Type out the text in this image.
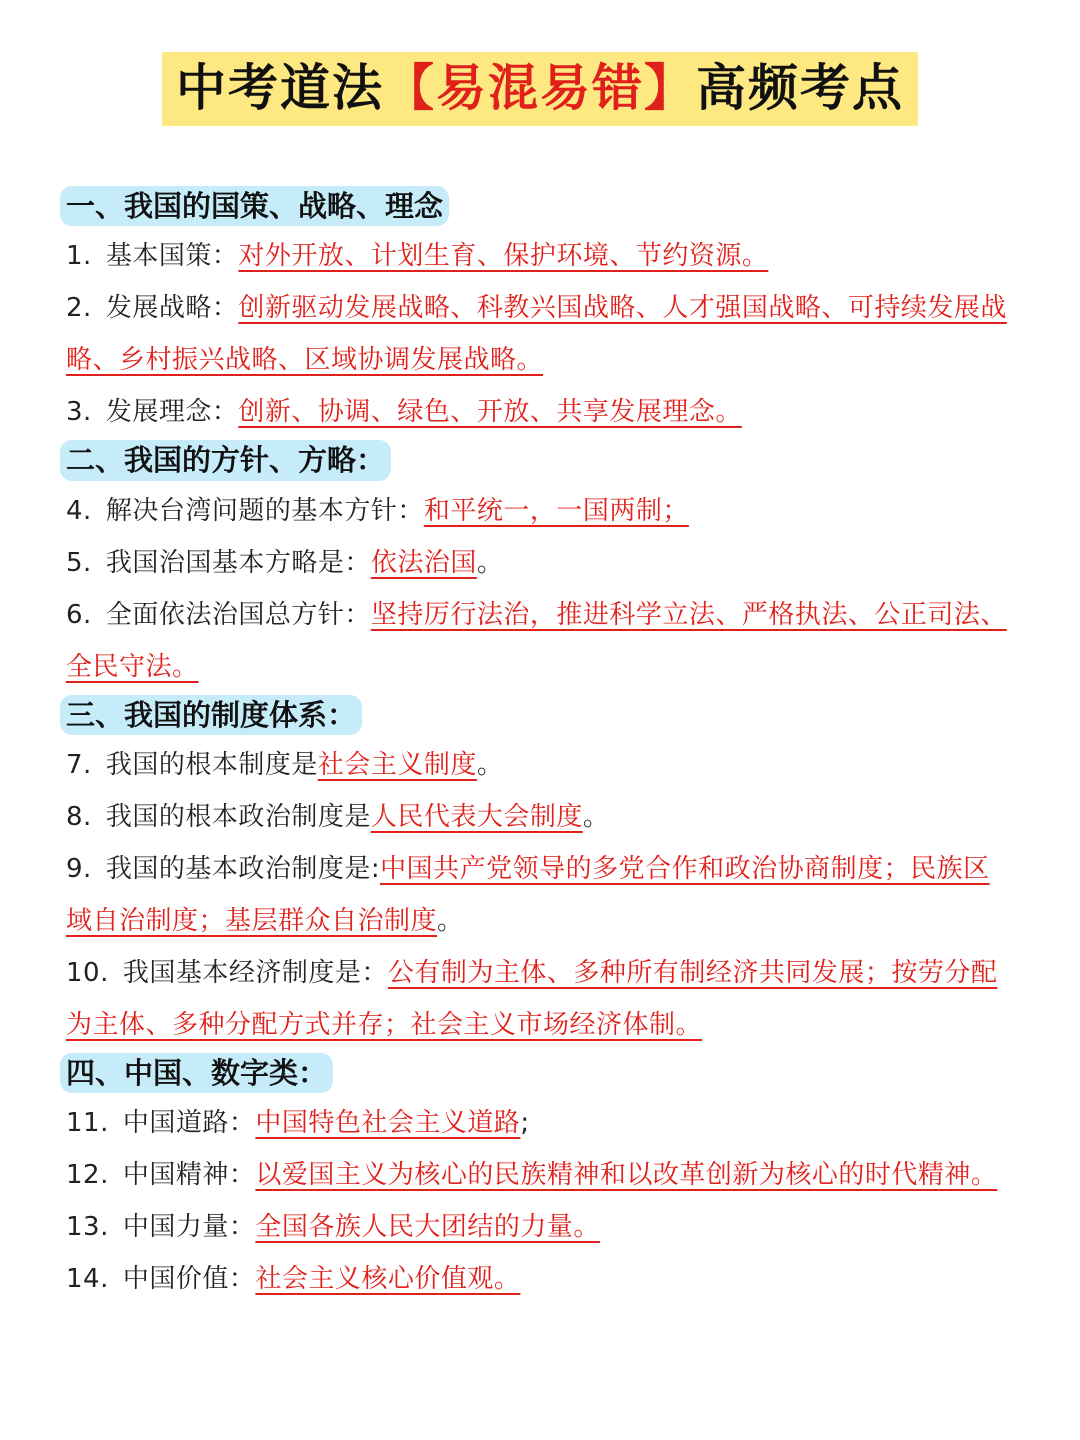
中考道法【易混易错】高频考点
一、我国的国策、战略、理念
1. 基本国策：对外开放、计划生育、保护环境、节约资源。
2. 发展战略：创新驱动发展战略、科教兴国战略、人才强国战略、可持续发展战略、乡村振兴战略、区域协调发展战略。
3. 发展理念：创新、协调、绿色、开放、共享发展理念。
二、我国的方针、方略：
4. 解决台湾问题的基本方针：和平统一，一国两制；
5. 我国治国基本方略是：依法治国。
6. 全面依法治国总方针：坚持厉行法治，推进科学立法、严格执法、公正司法、全民守法。
三、我国的制度体系：
7. 我国的根本制度是社会主义制度。
8. 我国的根本政治制度是人民代表大会制度。
9. 我国的基本政治制度是:中国共产党领导的多党合作和政治协商制度；民族区域自治制度；基层群众自治制度。
10. 我国基本经济制度是：公有制为主体、多种所有制经济共同发展；按劳分配为主体、多种分配方式并存；社会主义市场经济体制。
四、中国、数字类：
11. 中国道路：中国特色社会主义道路;
12. 中国精神：以爱国主义为核心的民族精神和以改革创新为核心的时代精神。
13. 中国力量：全国各族人民大团结的力量。
14. 中国价值：社会主义核心价值观。
